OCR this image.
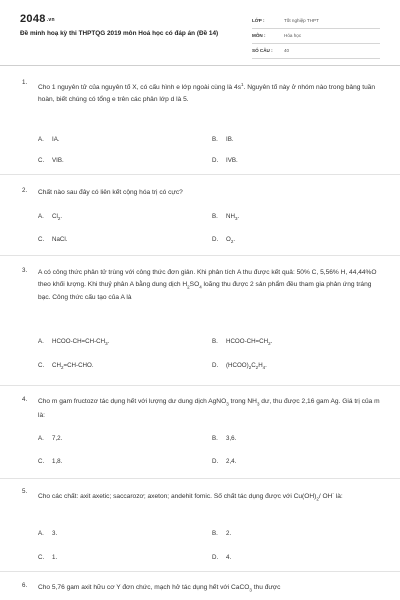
2048.vn
Đề minh hoạ kỳ thi THPTQG 2019 môn Hoá học có đáp án (Đề 14)
LỚP :	Tốt nghiệp THPT
MÔN :	Hóa học
SỐ CÂU : 40
1.
Cho 1 nguyên tử của nguyên tố X, có cấu hình e lớp ngoài cùng là $4s^1$. Nguyên tố này ở nhóm nào trong bảng tuần hoàn, biết chúng có tổng e trên các phân lớp d là 5.
A. IA.	B. IB.
C. VIB.	D. IVB.
2. Chất nào sau đây có liên kết cộng hóa trị có cực?
A. $Cl_2$.	B. $NH_3$.
C. NaCl.	D. $O_2$.
3. A có công thức phân tử trùng với công thức đơn giản. Khi phân tích A thu được kết quả: 50% C, 5,56% H, 44,44%O theo khối lượng. Khi thuỷ phân A bằng dung dịch $H_2SO_4$ loãng thu được 2 sản phẩm đều tham gia phản ứng tráng bạc. Công thức cấu tạo của A là
A. HCOO-$CH=CH-CH_3$.	B. HCOO-$CH=CH_2$.
C. $CH_2=CH$-CHO.	D. $(HCOO)_2C_2H_4$.
4. Cho m gam fructozơ tác dụng hết với lượng dư dung dịch AgNO$_3$ trong $NH_3$ dư, thu được 2,16 gam Ag. Giá trị của m là:
A. 7,2.	B. 3,6.
C. 1,8.	D. 2,4.
5.
Cho các chất: axit axetic; saccarozơ; axeton; andehit fomic. Số chất tác dụng được với $Cu(OH)_2/$ OH- là:
A. 3.	B. 2.
C. 1.	D. 4.
6. Cho 5,76 gam axit hữu cơ Y đơn chức, mạch hở tác dụng hết với CaCO$_3$ thu được
